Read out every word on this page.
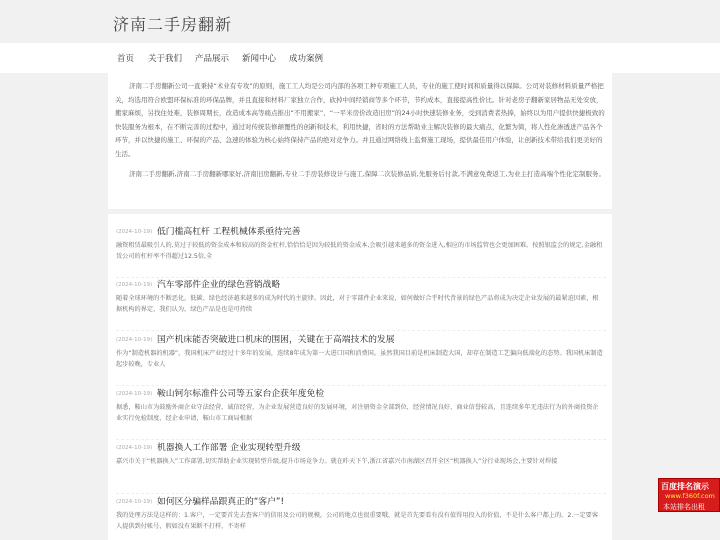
济南二手房翻新
首页 关于我们 产品展示 新闻中心 成功案例

济南二手房翻新公司一直秉持“术业有专攻”的原则，施工工人均是公司内部的各项工种专项施工人员，专业的施工使时间和质量得以保障。公司对装修材料质量严格把关，均选用符合欧盟环保标准的环保品牌，并且直接和材料厂家独立合作，砍掉中间经销商等多个环节，节约成本，直接提高性价比。针对老房子翻新家居物品无处安放，搬家麻烦，另找住处难，装修周期长，改造成本高等痛点推出“不用搬家”、“一平米房价改造旧房”的24小时快速装修业务，受到消费者热捧，始终以为用户提供快捷极致的快装服务为根本，在不断完善的过程中，通过对传统装修颠覆性的创新和技术，利用快捷，省时的方法帮助业主解决装修的最大痛点，化繁为简，将人性化渗透进产品各个环节，并以快捷的施工、环保的产品、急速的体验为核心始终保持产品的绝对竞争力。并且通过网络线上监督施工现场，提供最佳用户体验，让创新技术带给我们更美好的生活。

济南二手房翻新,济南二手房翻新哪家好,济南旧房翻新,专业二手房装修设计与施工,保障二次装修品质,先服务后付款,不满意免费返工,为业主打造高端个性化定制服务。

(2024-10-19) 低门槛高杠杆 工程机械体系亟待完善
融资租赁最吸引人的,莫过于较低的资金成本和较高的资金杠杆,恰恰恰是因为较低的资金成本,会吸引越来越多的资金进入,相应的市场监管也会更加困难。按照银监会的规定,金融租赁公司的杠杆率不得超过12.5倍,全
(2024-10-19) 汽车零部件企业的绿色营销战略
随着全球环境的不断恶化，低碳、绿色经济越来越多的成为时代的主旋律。因此，对于零部件企业来说，如何做好合乎时代背景的绿色产品将成为决定企业发展的最紧迫因素，根据机构的界定，我们认为，绿色产品是也是可持续
(2024-10-19) 国产机床能否突破进口机床的围困，关键在于高端技术的发展
作为“制造机器的机器”，我国机床产业经过十多年的发展，连续8年成为第一大进口国和消费国。虽然我国目前是机床制造大国，却存在制造工艺偏向低端化的态势。我国机床制造起步较晚，专业人
(2024-10-19) 鞍山钶尔标准件公司等五家台企获年度免检
据悉，鞍山市为鼓励外商企业守法经营、诚信经营，为企业发展营造良好的发展环境，对注册资金全部到位，经营情况良好、商业信誉较高，且连续多年无违法行为的外商投资企业实行免检制度，经企业申请，鞍山市工商局根据
(2024-10-19) 机器换人工作部署 企业实现转型升级
嘉兴市关于“机器换人”工作部署,切实帮助企业实现转型升级,提升市场竞争力。就在昨天下午,浙江省嘉兴市南湖区召开全区“机器换人”分行业现场会,主要针对焊接
(2024-10-19) 如何区分骗样品跟真正的“客户”!
我的处理方法是这样的：1.客户，一定要首先去查客户的信用及公司的规模，公司的地点也很重要哦，就是首先要看有没有值得用投入的价值，不是什么客户都上的。2.一定要客人提供到付帐号，假如没有果断不打样，不寄样
百度排名演示
www.f360f.com
本站排名出租
